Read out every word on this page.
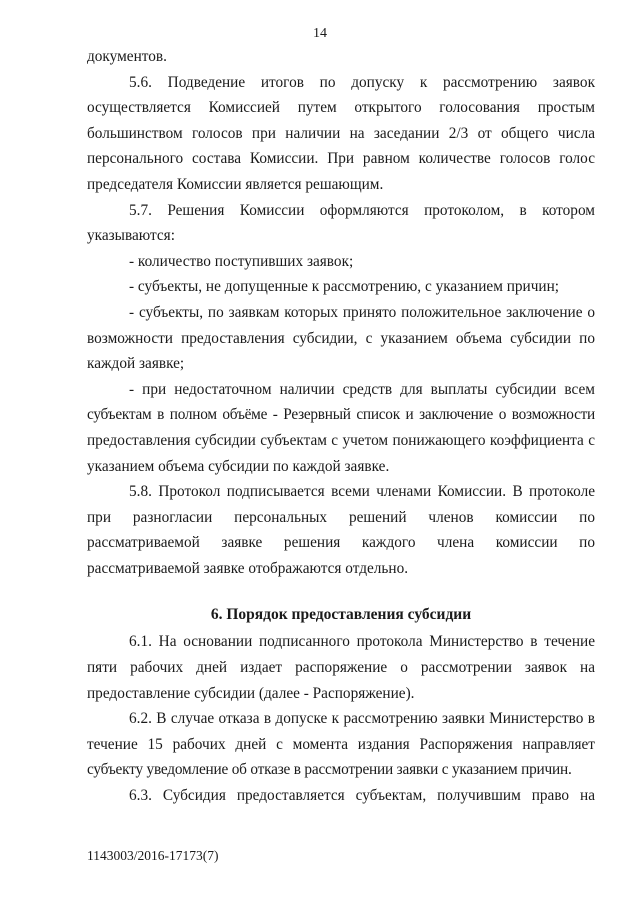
14

документов.

5.6. Подведение итогов по допуску к рассмотрению заявок
осуществляется Комиссией путем открытого голосования простым
большинством голосов при наличии на заседании 2/3 от общего числа
персонального состава Комиссии. При равном количестве голосов голос
председателя Комиссии является решающим.

5.7. Решения Комиссии оформляются протоколом, в котором
указываются:

- количество поступивших заявок;

- субъекты, не допущенные к рассмотрению, с указанием причин;

- субъекты, по заявкам которых принято положительное заключение о
возможности предоставления субсидии, с указанием объема субсидии по
каждой заявке;

- при недостаточном наличии средств для выплаты субсидии всем
субъектам в полном объёме - Резервный список и заключение о возможности
предоставления субсидии субъектам с учетом понижающего коэффициента с
указанием объема субсидии по каждой заявке.

5.8. Протокол подписывается всеми членами Комиссии. В протоколе
при разногласии персональных решений членов комиссии по
рассматриваемой заявке решения каждого члена комиссии по
рассматриваемой заявке отображаются отдельно.

6. Порядок предоставления субсидии

6.1. На основании подписанного протокола Министерство в течение
пяти рабочих дней издает распоряжение о рассмотрении заявок на
предоставление субсидии (далее - Распоряжение).

6.2. В случае отказа в допуске к рассмотрению заявки Министерство в
течение 15 рабочих дней с момента издания Распоряжения направляет
субъекту уведомление об отказе в рассмотрении заявки с указанием причин.

6.3. Субсидия предоставляется субъектам, получившим право на

1143003/2016-17173(7)
